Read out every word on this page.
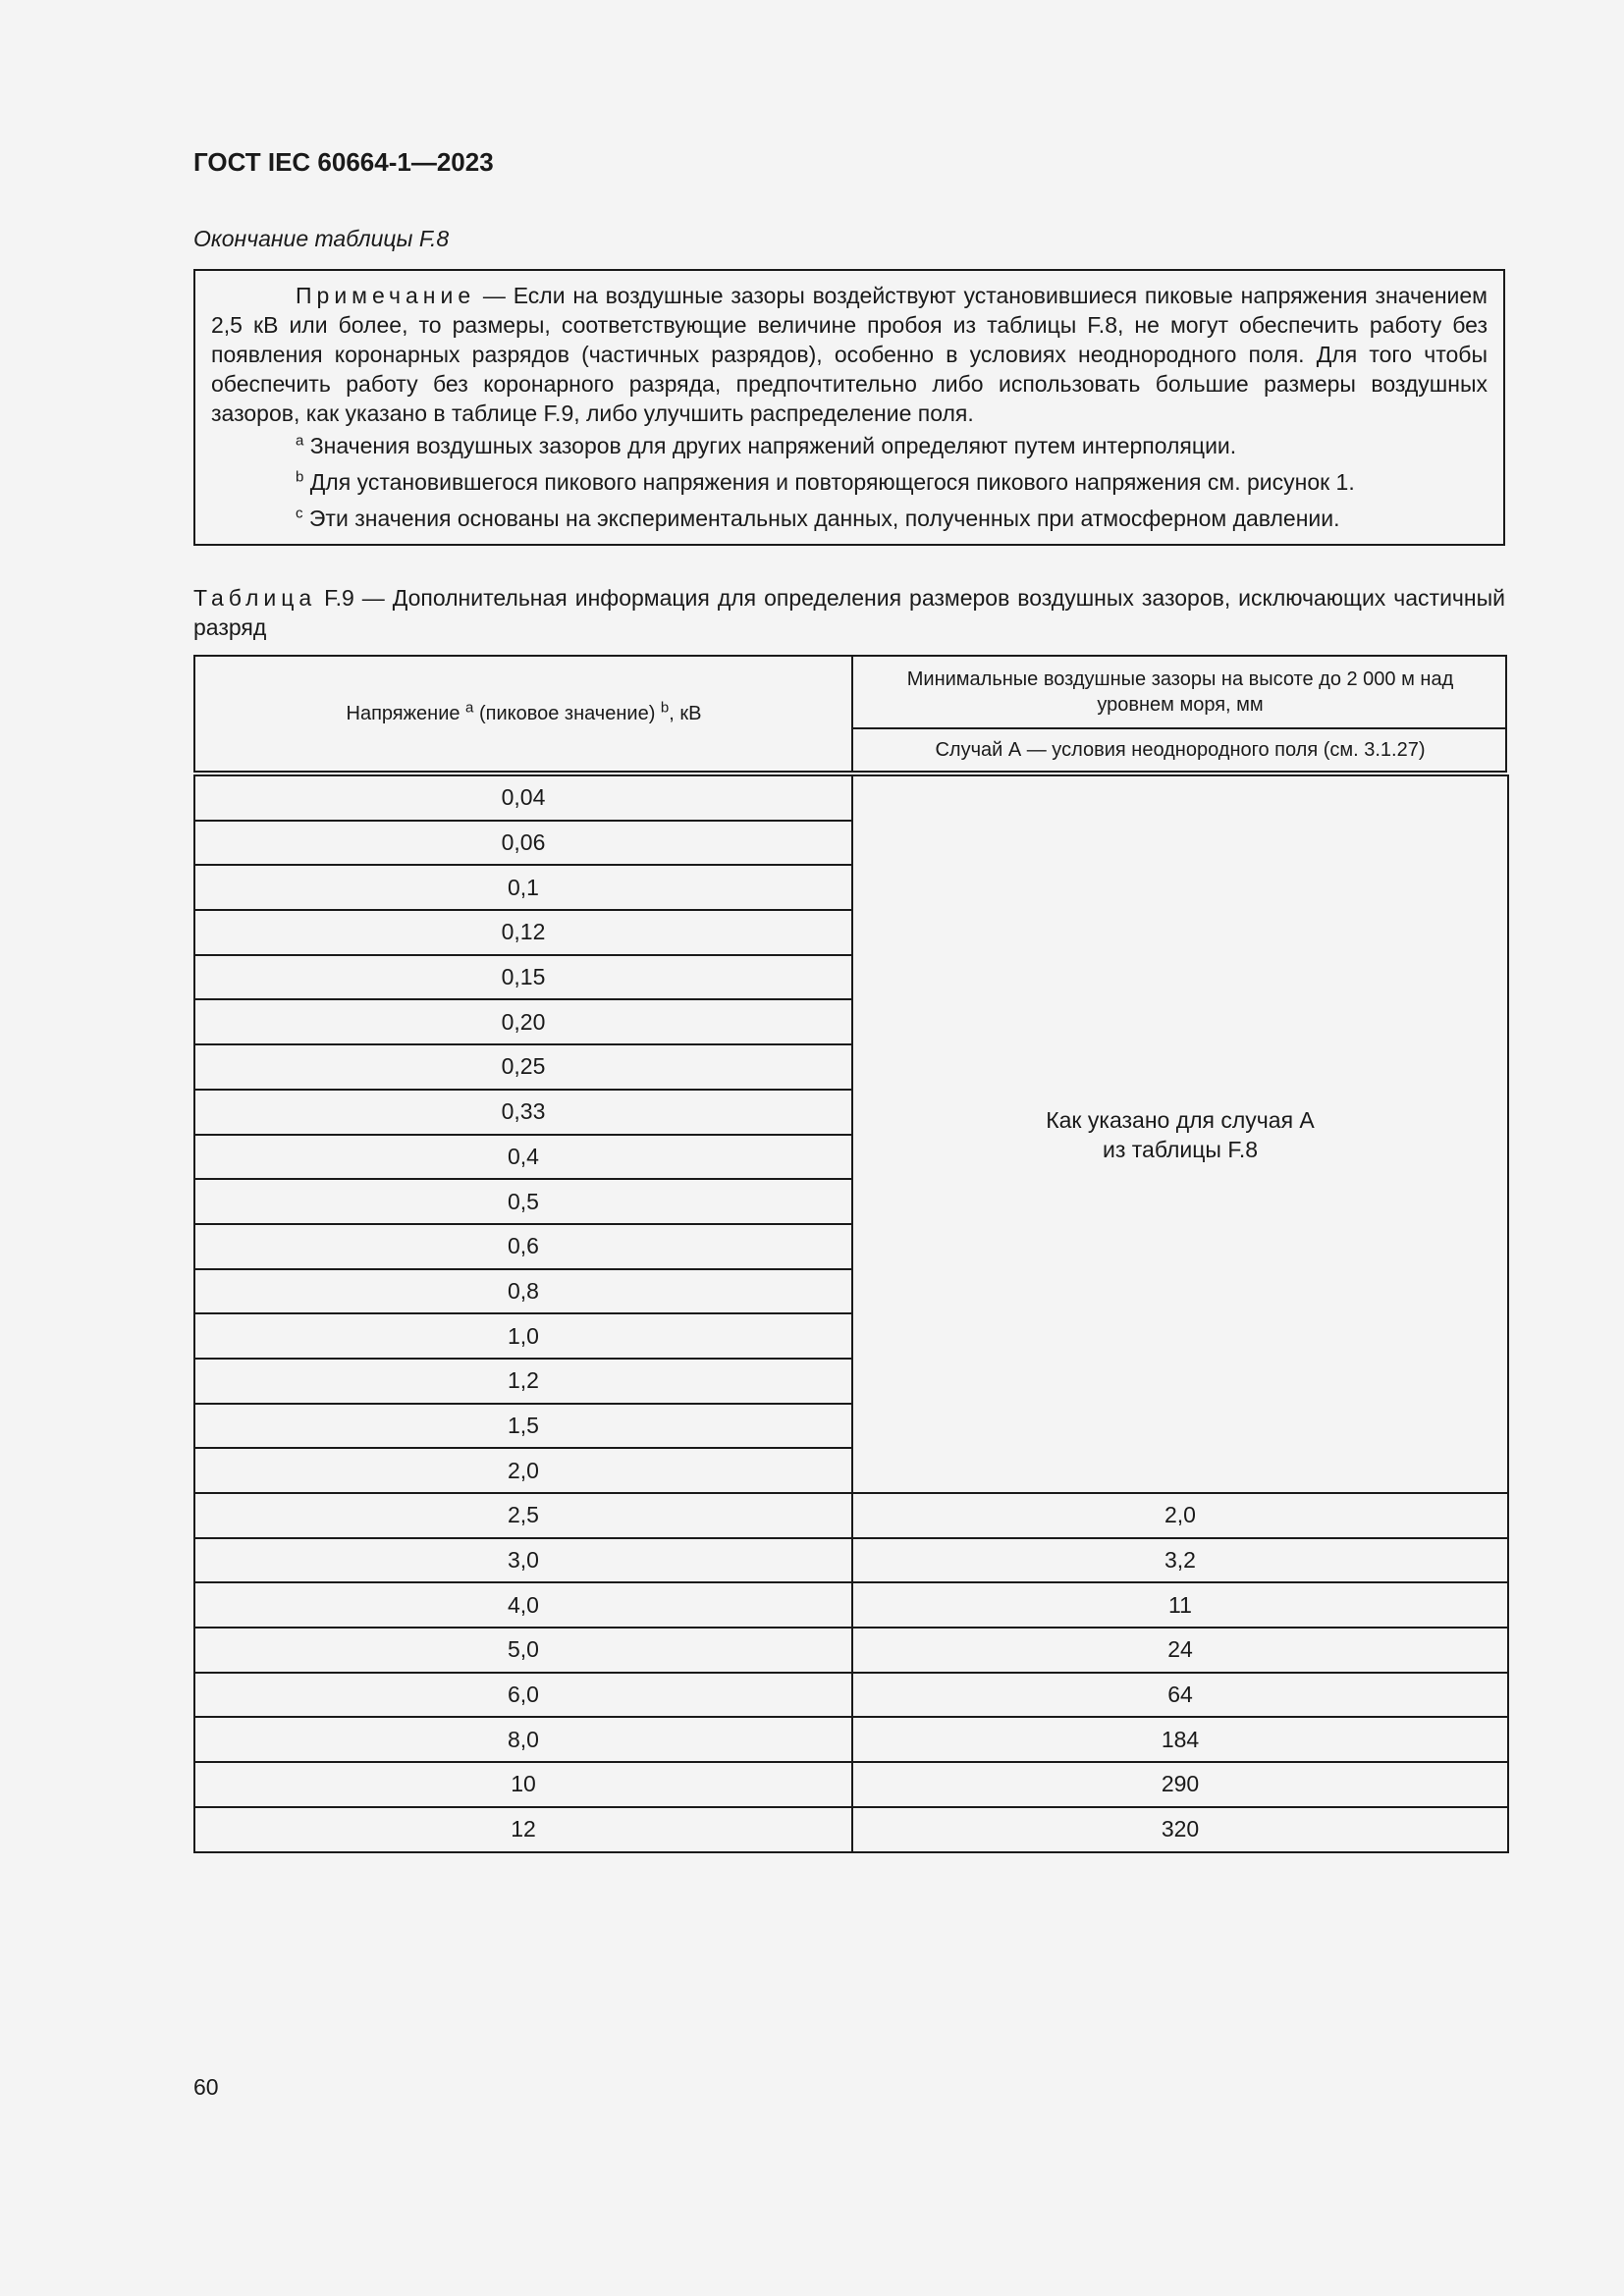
ГОСТ IEC 60664-1—2023
Окончание таблицы F.8
Примечание — Если на воздушные зазоры воздействуют установившиеся пиковые напряжения значением 2,5 кВ или более, то размеры, соответствующие величине пробоя из таблицы F.8, не могут обеспечить работу без появления коронарных разрядов (частичных разрядов), особенно в условиях неоднородного поля. Для того чтобы обеспечить работу без коронарного разряда, предпочтительно либо использовать большие размеры воздушных зазоров, как указано в таблице F.9, либо улучшить распределение поля.
$^a$ Значения воздушных зазоров для других напряжений определяют путем интерполяции.
$^b$ Для установившегося пикового напряжения и повторяющегося пикового напряжения см. рисунок 1.
$^c$ Эти значения основаны на экспериментальных данных, полученных при атмосферном давлении.
Таблица F.9 — Дополнительная информация для определения размеров воздушных зазоров, исключающих частичный разряд
Напряжение $^a$ (пиковое значение) $^b$, кВ
Минимальные воздушные зазоры на высоте до 2 000 м над уровнем моря, мм
Случай А — условия неоднородного поля (см. 3.1.27)
0,04	Как указано для случая А
из таблицы F.8

0,06	
0,1	
0,12	
0,15	
0,20	
0,25	
0,33	
0,4	
0,5	
0,6	
0,8	
1,0	
1,2	
1,5	
2,0	
2,5	2,0
3,0	3,2
4,0	11
5,0	24
6,0	64
8,0	184
10	290
12	320
60
